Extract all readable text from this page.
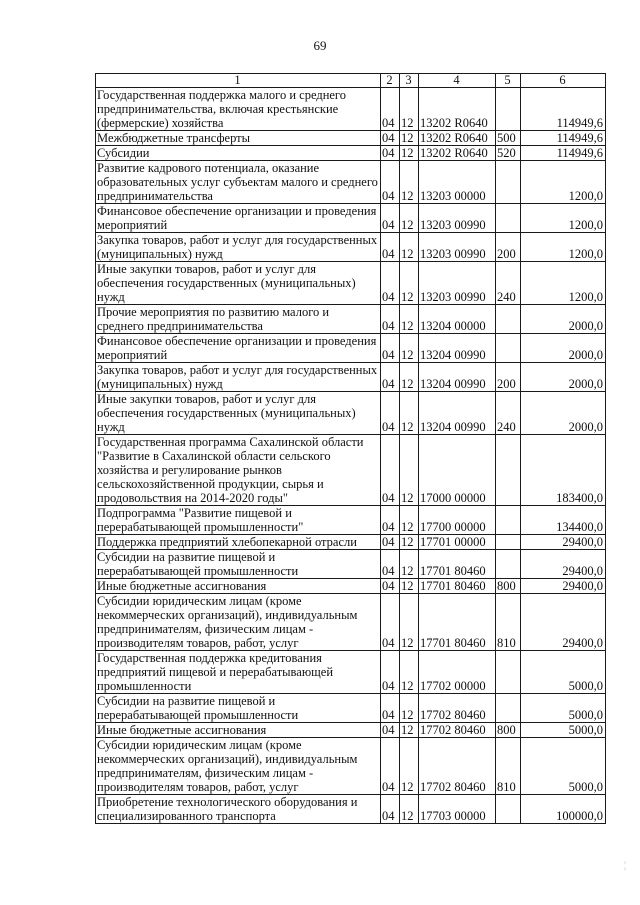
69
1	2	3	4	5	6
Государственная поддержка малого и среднего предпринимательства, включая крестьянские (фермерские) хозяйства	04	12	13202 R0640		114949,6
Межбюджетные трансферты	04	12	13202 R0640	500	114949,6
Субсидии	04	12	13202 R0640	520	114949,6
Развитие кадрового потенциала, оказание образовательных услуг субъектам малого и среднего предпринимательства	04	12	13203 00000		1200,0
Финансовое обеспечение организации и проведения мероприятий	04	12	13203 00990		1200,0
Закупка товаров, работ и услуг для государственных (муниципальных) нужд	04	12	13203 00990	200	1200,0
Иные закупки товаров, работ и услуг для обеспечения государственных (муниципальных) нужд	04	12	13203 00990	240	1200,0
Прочие мероприятия по развитию малого и среднего предпринимательства	04	12	13204 00000		2000,0
Финансовое обеспечение организации и проведения мероприятий	04	12	13204 00990		2000,0
Закупка товаров, работ и услуг для государственных (муниципальных) нужд	04	12	13204 00990	200	2000,0
Иные закупки товаров, работ и услуг для обеспечения государственных (муниципальных) нужд	04	12	13204 00990	240	2000,0
Государственная программа Сахалинской области "Развитие в Сахалинской области сельского хозяйства и регулирование рынков сельскохозяйственной продукции, сырья и продовольствия на 2014-2020 годы"	04	12	17000 00000		183400,0
Подпрограмма "Развитие пищевой и перерабатывающей промышленности"	04	12	17700 00000		134400,0
Поддержка предприятий хлебопекарной отрасли	04	12	17701 00000		29400,0
Субсидии на развитие пищевой и перерабатывающей промышленности	04	12	17701 80460		29400,0
Иные бюджетные ассигнования	04	12	17701 80460	800	29400,0
Субсидии юридическим лицам (кроме некоммерческих организаций), индивидуальным предпринимателям, физическим лицам - производителям товаров, работ, услуг	04	12	17701 80460	810	29400,0
Государственная поддержка кредитования предприятий пищевой и перерабатывающей промышленности	04	12	17702 00000		5000,0
Субсидии на развитие пищевой и перерабатывающей промышленности	04	12	17702 80460		5000,0
Иные бюджетные ассигнования	04	12	17702 80460	800	5000,0
Субсидии юридическим лицам (кроме некоммерческих организаций), индивидуальным предпринимателям, физическим лицам - производителям товаров, работ, услуг	04	12	17702 80460	810	5000,0
Приобретение технологического оборудования и специализированного транспорта	04	12	17703 00000		100000,0
¦
